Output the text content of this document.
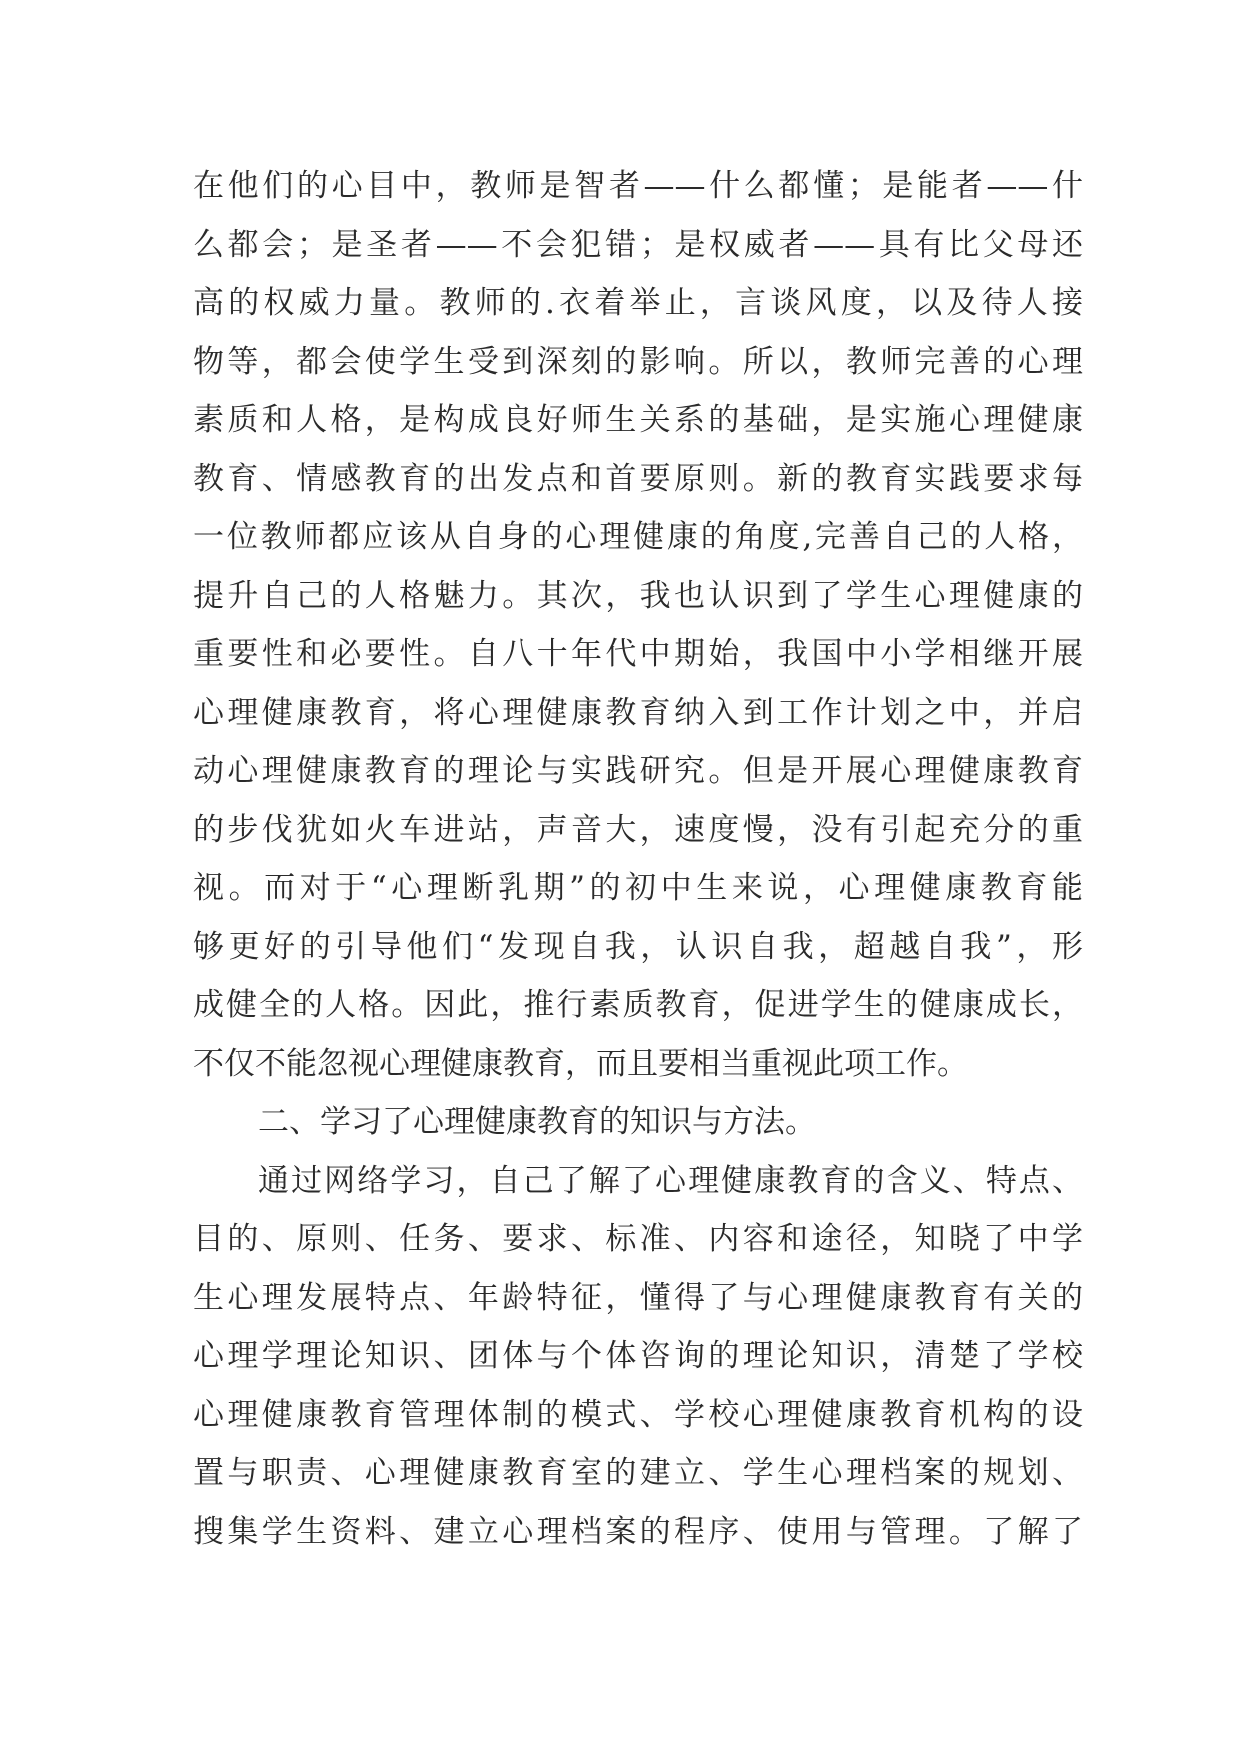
在他们的心目中，教师是智者——什么都懂；是能者——什
么都会；是圣者——不会犯错；是权威者——具有比父母还
高的权威力量。教师的.衣着举止，言谈风度，以及待人接
物等，都会使学生受到深刻的影响。所以，教师完善的心理
素质和人格，是构成良好师生关系的基础，是实施心理健康
教育、情感教育的出发点和首要原则。新的教育实践要求每
一位教师都应该从自身的心理健康的角度,完善自己的人格，
提升自己的人格魅力。其次，我也认识到了学生心理健康的
重要性和必要性。自八十年代中期始，我国中小学相继开展
心理健康教育，将心理健康教育纳入到工作计划之中，并启
动心理健康教育的理论与实践研究。但是开展心理健康教育
的步伐犹如火车进站，声音大，速度慢，没有引起充分的重
视。而对于“心理断乳期”的初中生来说，心理健康教育能
够更好的引导他们“发现自我，认识自我，超越自我”，形
成健全的人格。因此，推行素质教育，促进学生的健康成长，
不仅不能忽视心理健康教育，而且要相当重视此项工作。
二、学习了心理健康教育的知识与方法。
通过网络学习，自己了解了心理健康教育的含义、特点、
目的、原则、任务、要求、标准、内容和途径，知晓了中学
生心理发展特点、年龄特征，懂得了与心理健康教育有关的
心理学理论知识、团体与个体咨询的理论知识，清楚了学校
心理健康教育管理体制的模式、学校心理健康教育机构的设
置与职责、心理健康教育室的建立、学生心理档案的规划、
搜集学生资料、建立心理档案的程序、使用与管理。了解了
